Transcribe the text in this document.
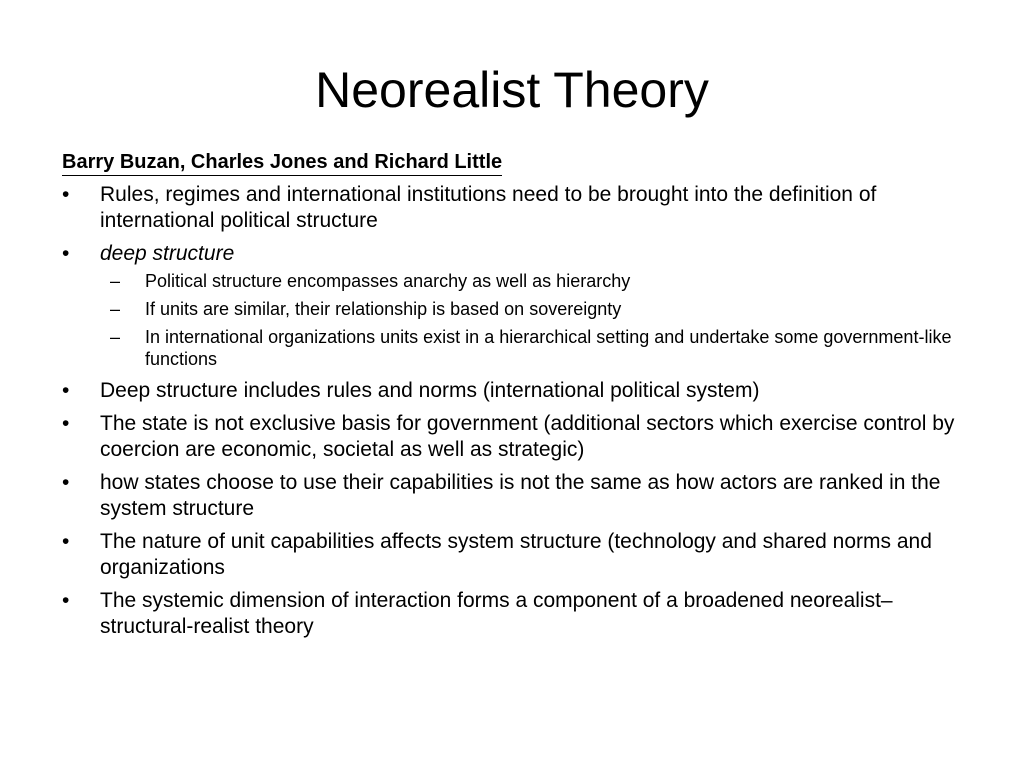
Neorealist Theory
Barry Buzan, Charles Jones and Richard Little
•	Rules, regimes and international institutions need to be brought into the definition of international political structure
•	deep structure
–	Political structure encompasses anarchy as well as hierarchy
–	If units are similar, their relationship is based on sovereignty
–	In international organizations units exist in a hierarchical setting and undertake some government-like functions
•	Deep structure includes rules and norms (international political system)
•	The state is not exclusive basis for government (additional sectors which exercise control by coercion are economic, societal as well as strategic)
•	how states choose to use their capabilities is not the same as how actors are ranked in the system structure
•	The nature of unit capabilities affects system structure (technology and shared norms and organizations
•	The systemic dimension of interaction forms a component of a broadened neorealist– structural-realist theory
